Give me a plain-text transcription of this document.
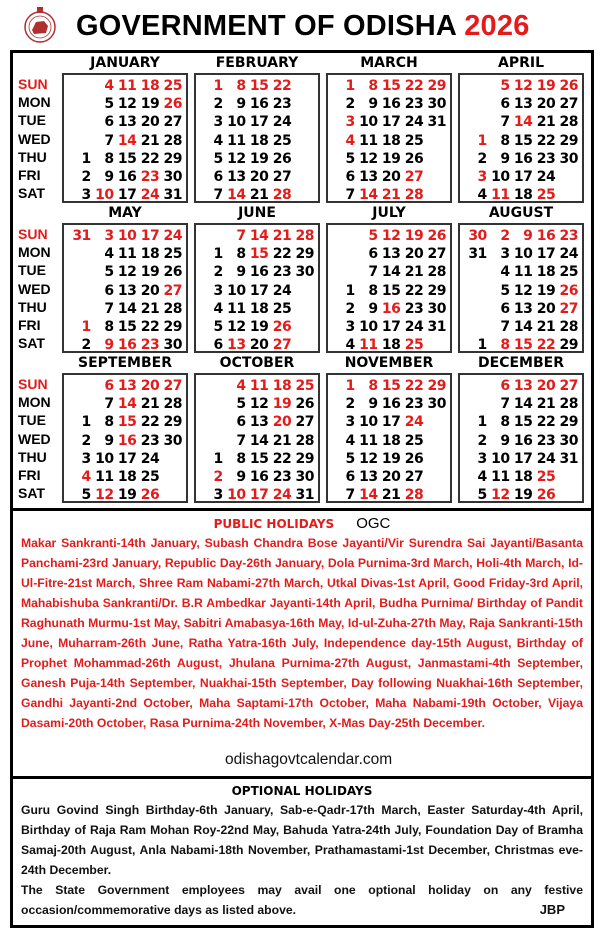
GOVERNMENT OF ODISHA 2026
SUN
MON
TUE
WED
THU
FRI
SAT
JANUARY
4 11 18 25
5 12 19 26
6 13 20 27
7 14 21 28
1 8 15 22 29
2 9 16 23 30
3 10 17 24 31
FEBRUARY
1 8 15 22
2 9 16 23
3 10 17 24
4 11 18 25
5 12 19 26
6 13 20 27
7 14 21 28
MARCH
1 8 15 22 29
2 9 16 23 30
3 10 17 24 31
4 11 18 25
5 12 19 26
6 13 20 27
7 14 21 28
APRIL
5 12 19 26
6 13 20 27
7 14 21 28
1 8 15 22 29
2 9 16 23 30
3 10 17 24
4 11 18 25
SUN
MON
TUE
WED
THU
FRI
SAT
MAY
31 3 10 17 24
4 11 18 25
5 12 19 26
6 13 20 27
7 14 21 28
1 8 15 22 29
2 9 16 23 30
JUNE
7 14 21 28
1 8 15 22 29
2 9 16 23 30
3 10 17 24
4 11 18 25
5 12 19 26
6 13 20 27
JULY
5 12 19 26
6 13 20 27
7 14 21 28
1 8 15 22 29
2 9 16 23 30
3 10 17 24 31
4 11 18 25
AUGUST
30 2 9 16 23
31 3 10 17 24
4 11 18 25
5 12 19 26
6 13 20 27
7 14 21 28
1 8 15 22 29
SUN
MON
TUE
WED
THU
FRI
SAT
SEPTEMBER
6 13 20 27
7 14 21 28
1 8 15 22 29
2 9 16 23 30
3 10 17 24
4 11 18 25
5 12 19 26
OCTOBER
4 11 18 25
5 12 19 26
6 13 20 27
7 14 21 28
1 8 15 22 29
2 9 16 23 30
3 10 17 24 31
NOVEMBER
1 8 15 22 29
2 9 16 23 30
3 10 17 24
4 11 18 25
5 12 19 26
6 13 20 27
7 14 21 28
DECEMBER
6 13 20 27
7 14 21 28
1 8 15 22 29
2 9 16 23 30
3 10 17 24 31
4 11 18 25
5 12 19 26
PUBLIC HOLIDAYS OGC
Makar Sankranti-14th January, Subash Chandra Bose Jayanti/Vir Surendra Sai Jayanti/Basanta Panchami-23rd January, Republic Day-26th January, Dola Purnima-3rd March, Holi-4th March, Id-Ul-Fitre-21st March, Shree Ram Nabami-27th March, Utkal Divas-1st April, Good Friday-3rd April, Mahabishuba Sankranti/Dr. B.R Ambedkar Jayanti-14th April, Budha Purnima/ Birthday of Pandit Raghunath Murmu-1st May, Sabitri Amabasya-16th May, Id-ul-Zuha-27th May, Raja Sankranti-15th June, Muharram-26th June, Ratha Yatra-16th July, Independence day-15th August, Birthday of Prophet Mohammad-26th August, Jhulana Purnima-27th August, Janmastami-4th September, Ganesh Puja-14th September, Nuakhai-15th September, Day following Nuakhai-16th September, Gandhi Jayanti-2nd October, Maha Saptami-17th October, Maha Nabami-19th October, Vijaya Dasami-20th October, Rasa Purnima-24th November, X-Mas Day-25th December.
odishagovtcalendar.com
OPTIONAL HOLIDAYS
Guru Govind Singh Birthday-6th January, Sab-e-Qadr-17th March, Easter Saturday-4th April, Birthday of Raja Ram Mohan Roy-22nd May, Bahuda Yatra-24th July, Foundation Day of Bramha Samaj-20th August, Anla Nabami-18th November, Prathamastami-1st December, Christmas eve-24th December.
The State Government employees may avail one optional holiday on any festive
occasion/commemorative days as listed above.	JBP
